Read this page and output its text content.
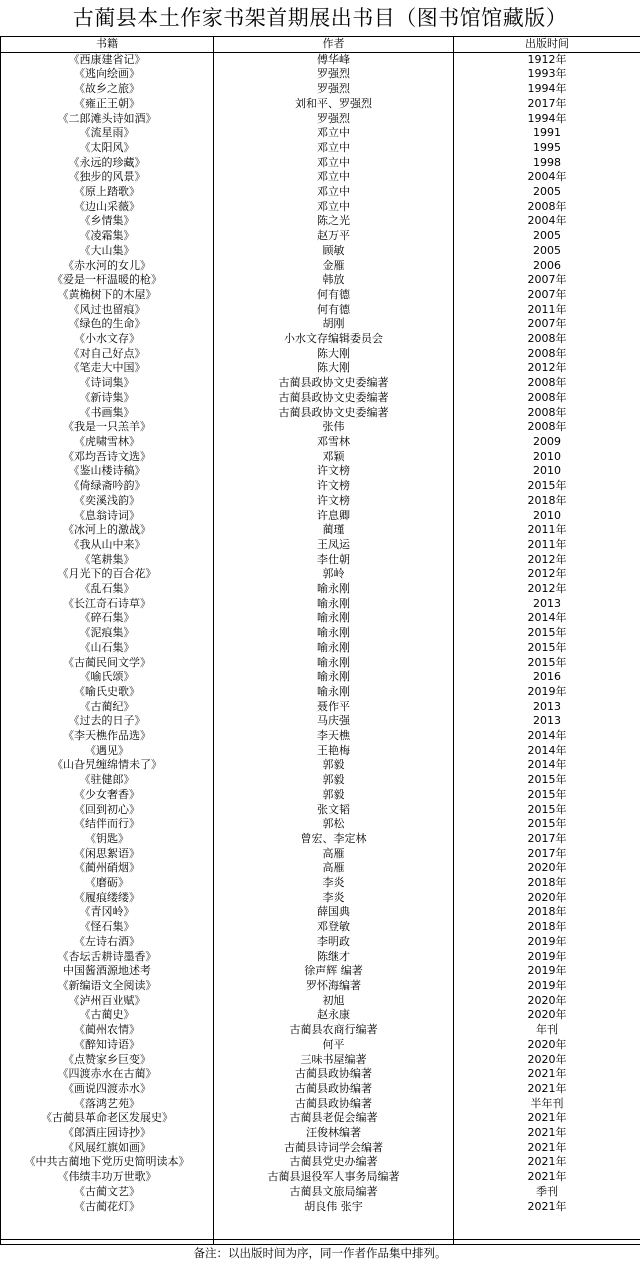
古蔺县本土作家书架首期展出书目（图书馆馆藏版）
书籍	作者	出版时间
《西康建省记》	傅华峰	1912年
《逃向绘画》	罗强烈	1993年
《故乡之旅》	罗强烈	1994年
《雍正王朝》	刘和平、罗强烈	2017年
《二郎滩头诗如酒》	罗强烈	1994年
《流星雨》	邓立中	1991
《太阳风》	邓立中	1995
《永远的珍藏》	邓立中	1998
《独步的风景》	邓立中	2004年
《原上踏歌》	邓立中	2005
《边山采薇》	邓立中	2008年
《乡情集》	陈之光	2004年
《凌霜集》	赵万平	2005
《大山集》	顾敏	2005
《赤水河的女儿》	金雁	2006
《爱是一杆温暖的枪》	韩放	2007年
《黄桷树下的木屋》	何有德	2007年
《风过也留痕》	何有德	2011年
《绿色的生命》	胡刚	2007年
《小水文存》	小水文存编辑委员会	2008年
《对自己好点》	陈大刚	2008年
《笔走大中国》	陈大刚	2012年
《诗词集》	古蔺县政协文史委编著	2008年
《新诗集》	古蔺县政协文史委编著	2008年
《书画集》	古蔺县政协文史委编著	2008年
《我是一只羔羊》	张伟	2008年
《虎啸雪林》	邓雪林	2009
《邓均吾诗文选》	邓颖	2010
《鉴山楼诗稿》	许文榜	2010
《倚绿斋吟韵》	许文榜	2015年
《奕溪浅韵》	许文榜	2018年
《息翁诗词》	许息卿	2010
《冰河上的激战》	蔺瑾	2011年
《我从山中来》	王凤运	2011年
《笔耕集》	李仕朝	2012年
《月光下的百合花》	郭岭	2012年
《乱石集》	喻永刚	2012年
《长江奇石诗草》	喻永刚	2013
《碎石集》	喻永刚	2014年
《泥痕集》	喻永刚	2015年
《山石集》	喻永刚	2015年
《古蔺民间文学》	喻永刚	2015年
《喻氏颂》	喻永刚	2016
《喻氏史歌》	喻永刚	2019年
《古蔺纪》	聂作平	2013
《过去的日子》	马庆强	2013
《李天樵作品选》	李天樵	2014年
《遇见》	王艳梅	2014年
《山旮旯缠绵情未了》	郭毅	2014年
《驻健郎》	郭毅	2015年
《少女奢香》	郭毅	2015年
《回到初心》	张文韬	2015年
《结伴而行》	郭松	2015年
《钥匙》	曾宏、李定林	2017年
《闲思絮语》	高雁	2017年
《蔺州硝烟》	高雁	2020年
《磨砺》	李炎	2018年
《履痕缕缕》	李炎	2020年
《青冈岭》	薛国典	2018年
《怪石集》	邓登敏	2018年
《左诗右酒》	李明政	2019年
《杏坛舌耕诗墨香》	陈继才	2019年
中国酱酒源地述考	徐声辉 编著	2019年
《新编语文全阅读》	罗怀海编著	2019年
《泸州百业赋》	初旭	2020年
《古蔺史》	赵永康	2020年
《蔺州农情》	古蔺县农商行编著	年刊
《醉知诗语》	何平	2020年
《点赞家乡巨变》	三味书屋编著	2020年
《四渡赤水在古蔺》	古蔺县政协编著	2021年
《画说四渡赤水》	古蔺县政协编著	2021年
《落鸿艺苑》	古蔺县政协编著	半年刊
《古蔺县革命老区发展史》	古蔺县老促会编著	2021年
《郎酒庄园诗抄》	汪俊林编著	2021年
《风展红旗如画》	古蔺县诗词学会编著	2021年
《中共古蔺地下党历史简明读本》	古蔺县党史办编著	2021年
《伟绩丰功万世歌》	古蔺县退役军人事务局编著	2021年
《古蔺文艺》	古蔺县文旅局编著	季刊
《古蔺花灯》	胡良伟 张宇	2021年

备注：以出版时间为序，同一作者作品集中排列。
